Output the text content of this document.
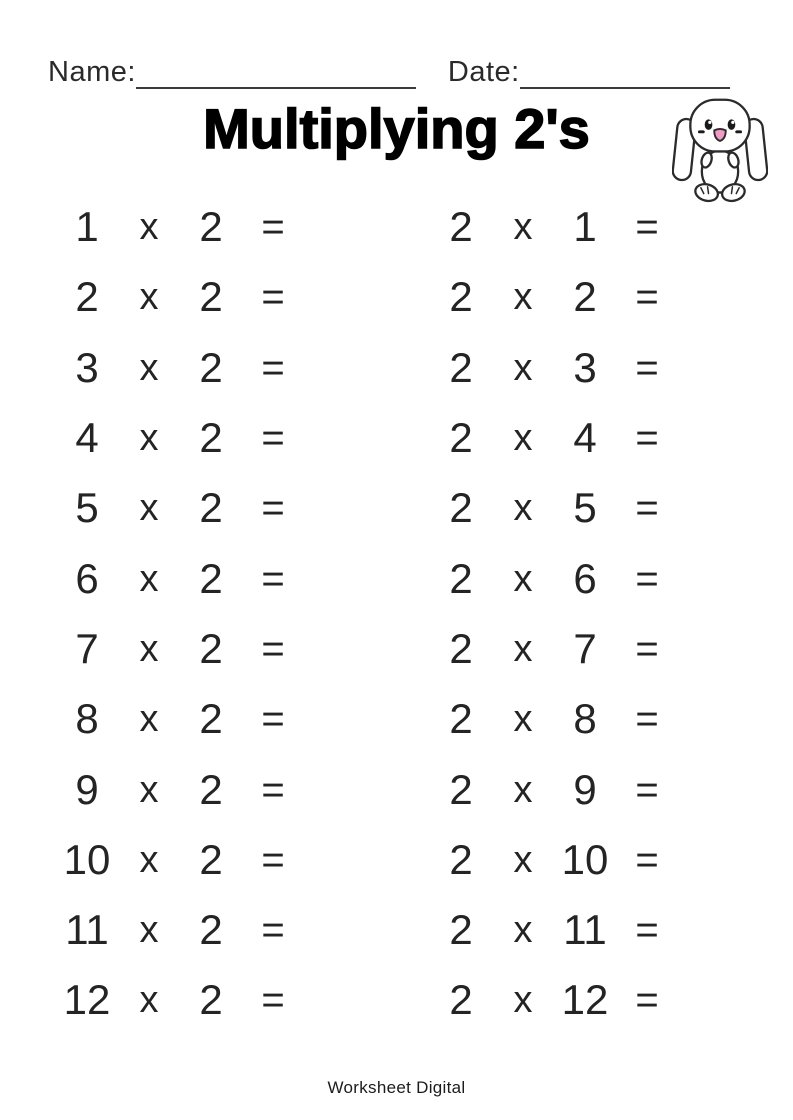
Name:	Date:
Multiplying 2's
1	x 2 =	2	x 1 =
2	x 2 =	2	x 2 =
3	x 2 =	2	x 3 =
4	x 2 =	2	x 4 =
5	x 2 =	2	x 5 =
6	x 2 =	2	x 6 =
7	x 2 =	2	x 7 =
8	x 2 =	2	x 8 =
9	x 2 =	2	x 9 =
10 x 2 =	2	x 10 =
11 x 2 =	2	x 11 =
12 x 2 =	2	x 12 =
Worksheet Digital
